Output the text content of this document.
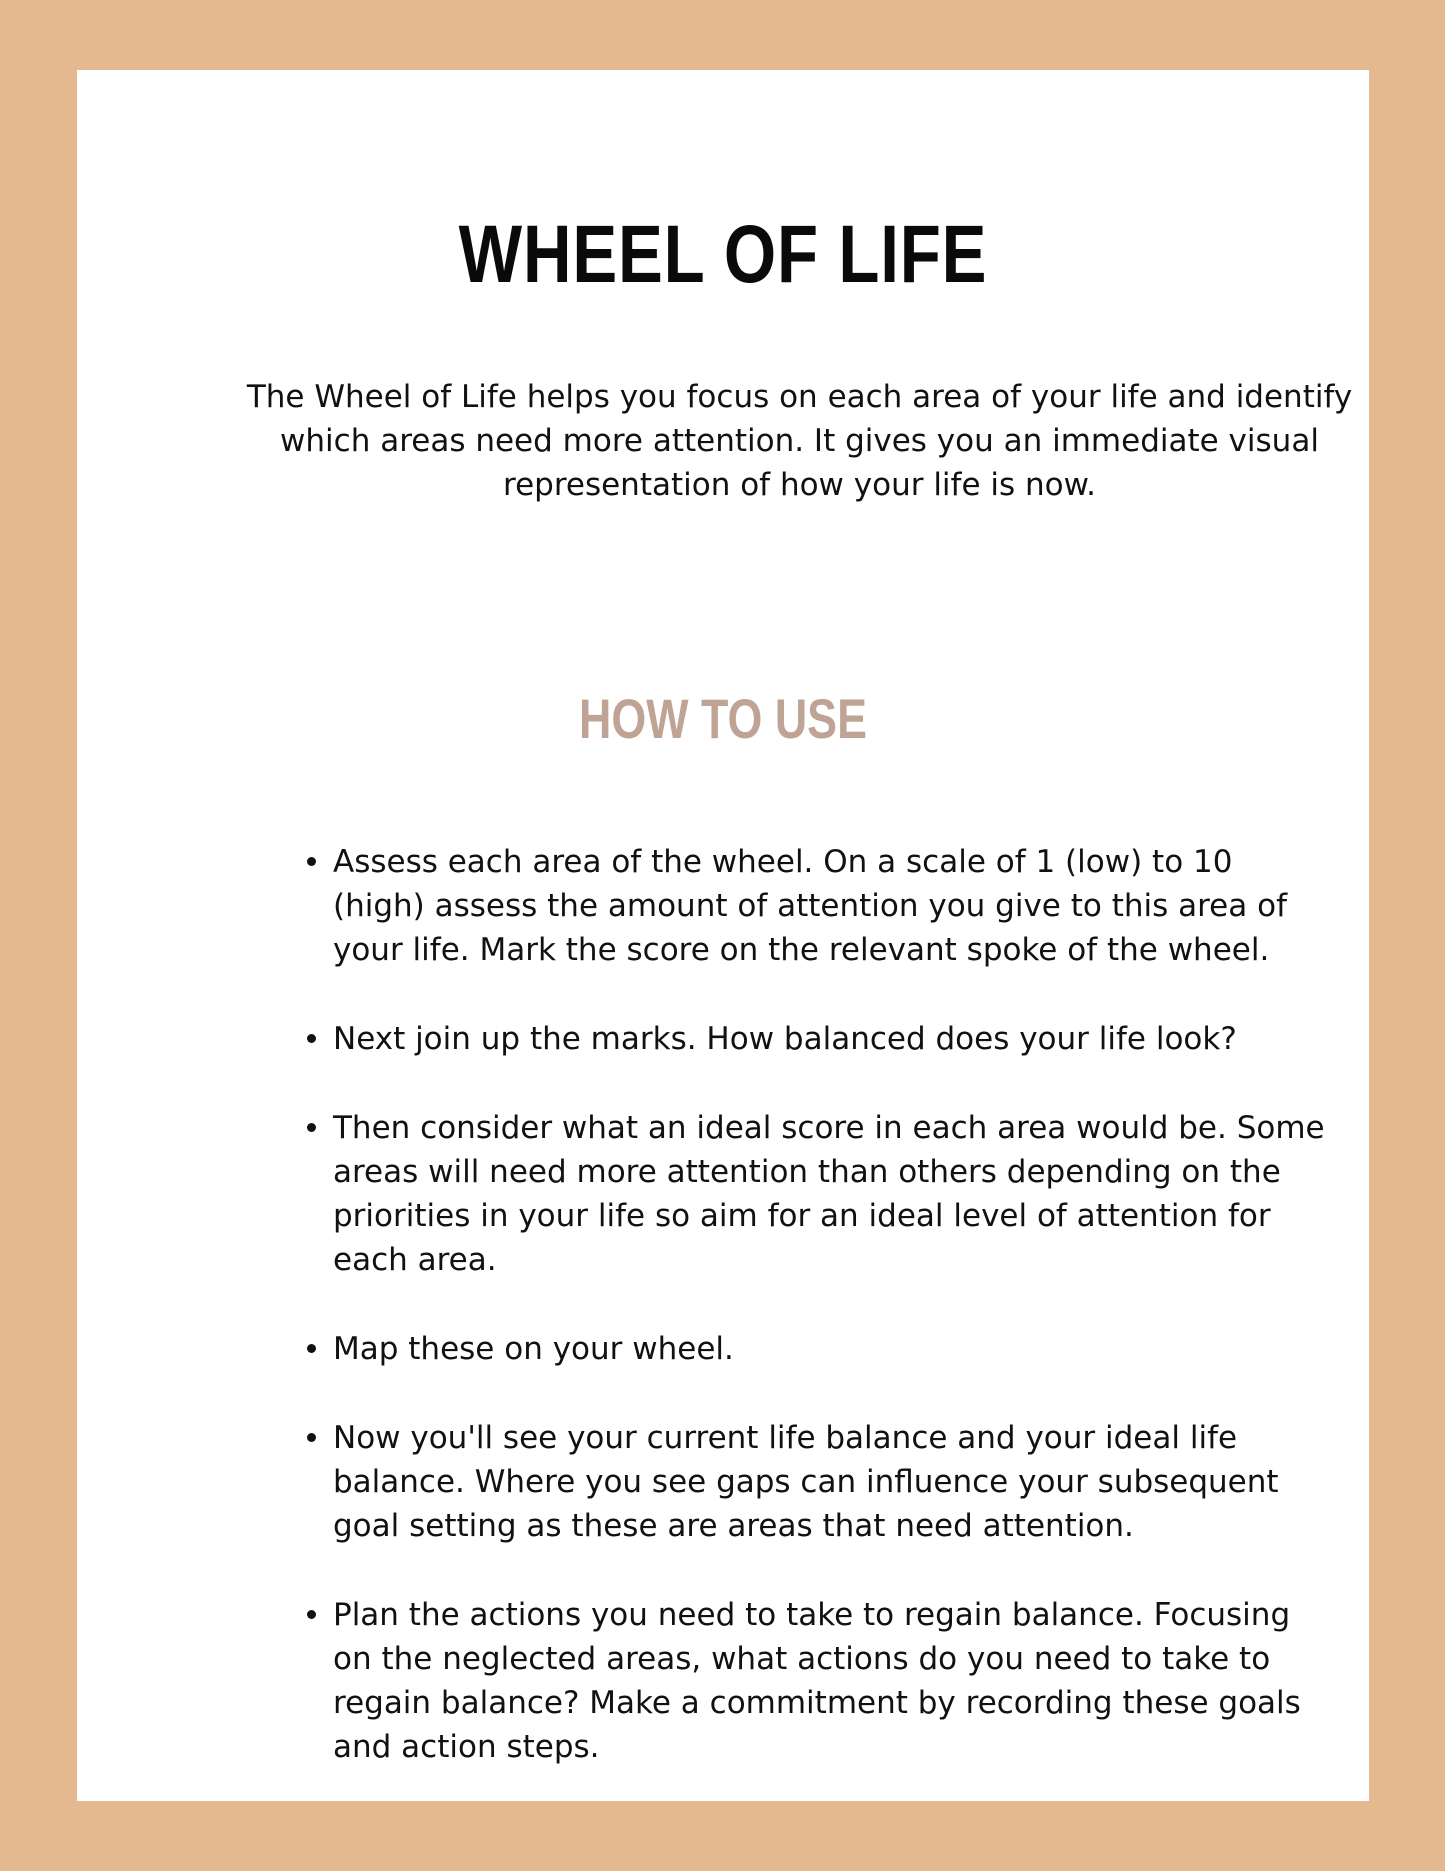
WHEEL OF LIFE

The Wheel of Life helps you focus on each area of your life and identify which areas need more attention. It gives you an immediate visual representation of how your life is now.

HOW TO USE
Assess each area of the wheel. On a scale of 1 (low) to 10 (high) assess the amount of attention you give to this area of your life. Mark the score on the relevant spoke of the wheel.
Next join up the marks. How balanced does your life look?
Then consider what an ideal score in each area would be. Some areas will need more attention than others depending on the priorities in your life so aim for an ideal level of attention for each area.
Map these on your wheel.
Now you'll see your current life balance and your ideal life balance. Where you see gaps can influence your subsequent goal setting as these are areas that need attention.
Plan the actions you need to take to regain balance. Focusing on the neglected areas, what actions do you need to take to regain balance? Make a commitment by recording these goals and action steps.
